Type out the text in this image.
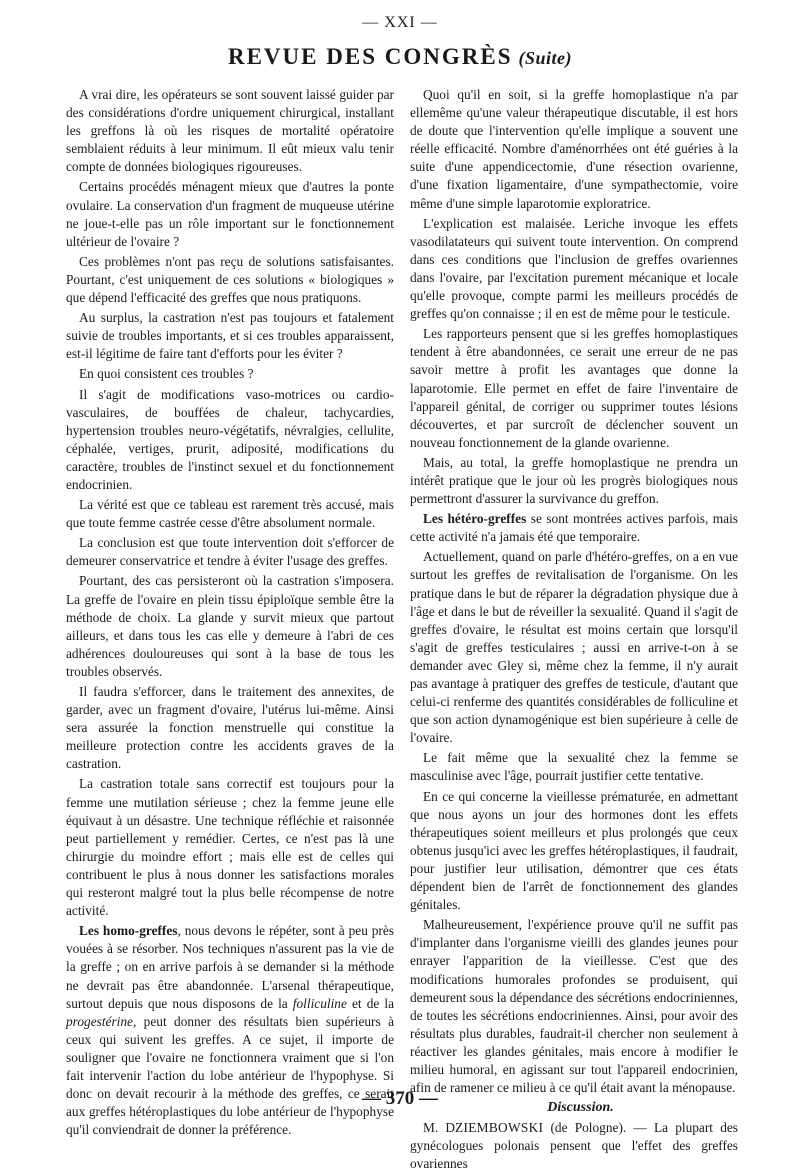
— XXI —
REVUE DES CONGRÈS (Suite)

A vrai dire, les opérateurs se sont souvent laissé guider par des considérations d'ordre uniquement chirurgical, installant les greffons là où les risques de mortalité opératoire semblaient réduits à leur minimum. Il eût mieux valu tenir compte de données biologiques rigoureuses.

Certains procédés ménagent mieux que d'autres la ponte ovulaire. La conservation d'un fragment de muqueuse utérine ne joue-t-elle pas un rôle important sur le fonctionnement ultérieur de l'ovaire ?

Ces problèmes n'ont pas reçu de solutions satisfaisantes. Pourtant, c'est uniquement de ces solutions « biologiques » que dépend l'efficacité des greffes que nous pratiquons.

Au surplus, la castration n'est pas toujours et fatalement suivie de troubles importants, et si ces troubles apparaissent, est-il légitime de faire tant d'efforts pour les éviter ?

En quoi consistent ces troubles ?

Il s'agit de modifications vaso-motrices ou cardio-vasculaires, de bouffées de chaleur, tachycardies, hypertension troubles neuro-végétatifs, névralgies, cellulite, céphalée, vertiges, prurit, adiposité, modifications du caractère, troubles de l'instinct sexuel et du fonctionnement endocrinien.

La vérité est que ce tableau est rarement très accusé, mais que toute femme castrée cesse d'être absolument normale.

La conclusion est que toute intervention doit s'efforcer de demeurer conservatrice et tendre à éviter l'usage des greffes.

Pourtant, des cas persisteront où la castration s'imposera. La greffe de l'ovaire en plein tissu épiploïque semble être la méthode de choix. La glande y survit mieux que partout ailleurs, et dans tous les cas elle y demeure à l'abri de ces adhérences douloureuses qui sont à la base de tous les troubles observés.

Il faudra s'efforcer, dans le traitement des annexites, de garder, avec un fragment d'ovaire, l'utérus lui-même. Ainsi sera assurée la fonction menstruelle qui constitue la meilleure protection contre les accidents graves de la castration.

La castration totale sans correctif est toujours pour la femme une mutilation sérieuse ; chez la femme jeune elle équivaut à un désastre. Une technique réfléchie et raisonnée peut partiellement y remédier. Certes, ce n'est pas là une chirurgie du moindre effort ; mais elle est de celles qui contribuent le plus à nous donner les satisfactions morales qui resteront malgré tout la plus belle récompense de notre activité.

Les homo-greffes, nous devons le répéter, sont à peu près vouées à se résorber. Nos techniques n'assurent pas la vie de la greffe ; on en arrive parfois à se demander si la méthode ne devrait pas être abandonnée. L'arsenal thérapeutique, surtout depuis que nous disposons de la folliculine et de la progestérine, peut donner des résultats bien supérieurs à ceux qui suivent les greffes. A ce sujet, il importe de souligner que l'ovaire ne fonctionnera vraiment que si l'on fait intervenir l'action du lobe antérieur de l'hypophyse. Si donc on devait recourir à la méthode des greffes, ce serait aux greffes hétéroplastiques du lobe antérieur de l'hypophyse qu'il conviendrait de donner la préférence.

Quoi qu'il en soit, si la greffe homoplastique n'a par ellemême qu'une valeur thérapeutique discutable, il est hors de doute que l'intervention qu'elle implique a souvent une réelle efficacité. Nombre d'aménorrhées ont été guéries à la suite d'une appendicectomie, d'une résection ovarienne, d'une fixation ligamentaire, d'une sympathectomie, voire même d'une simple laparotomie exploratrice.

L'explication est malaisée. Leriche invoque les effets vasodilatateurs qui suivent toute intervention. On comprend dans ces conditions que l'inclusion de greffes ovariennes dans l'ovaire, par l'excitation purement mécanique et locale qu'elle provoque, compte parmi les meilleurs procédés de greffes qu'on connaisse ; il en est de même pour le testicule.

Les rapporteurs pensent que si les greffes homoplastiques tendent à être abandonnées, ce serait une erreur de ne pas savoir mettre à profit les avantages que donne la laparotomie. Elle permet en effet de faire l'inventaire de l'appareil génital, de corriger ou supprimer toutes lésions découvertes, et par surcroît de déclencher souvent un nouveau fonctionnement de la glande ovarienne.

Mais, au total, la greffe homoplastique ne prendra un intérêt pratique que le jour où les progrès biologiques nous permettront d'assurer la survivance du greffon.

Les hétéro-greffes se sont montrées actives parfois, mais cette activité n'a jamais été que temporaire.

Actuellement, quand on parle d'hétéro-greffes, on a en vue surtout les greffes de revitalisation de l'organisme. On les pratique dans le but de réparer la dégradation physique due à l'âge et dans le but de réveiller la sexualité. Quand il s'agit de greffes d'ovaire, le résultat est moins certain que lorsqu'il s'agit de greffes testiculaires ; aussi en arrive-t-on à se demander avec Gley si, même chez la femme, il n'y aurait pas avantage à pratiquer des greffes de testicule, d'autant que celui-ci renferme des quantités considérables de folliculine et que son action dynamogénique est bien supérieure à celle de l'ovaire.

Le fait même que la sexualité chez la femme se masculinise avec l'âge, pourrait justifier cette tentative.

En ce qui concerne la vieillesse prématurée, en admettant que nous ayons un jour des hormones dont les effets thérapeutiques soient meilleurs et plus prolongés que ceux obtenus jusqu'ici avec les greffes hétéroplastiques, il faudrait, pour justifier leur utilisation, démontrer que ces états dépendent bien de l'arrêt de fonctionnement des glandes génitales.

Malheureusement, l'expérience prouve qu'il ne suffit pas d'implanter dans l'organisme vieilli des glandes jeunes pour enrayer l'apparition de la vieillesse. C'est que des modifications humorales profondes se produisent, qui demeurent sous la dépendance des sécrétions endocriniennes, de toutes les sécrétions endocriniennes. Ainsi, pour avoir des résultats plus durables, faudrait-il chercher non seulement à réactiver les glandes génitales, mais encore à modifier le milieu humoral, en agissant sur tout l'appareil endocrinien, afin de ramener ce milieu à ce qu'il était avant la ménopause.

Discussion.

M. DZIEMBOWSKI (de Pologne). — La plupart des gynécologues polonais pensent que l'effet des greffes ovariennes

— 370 —
